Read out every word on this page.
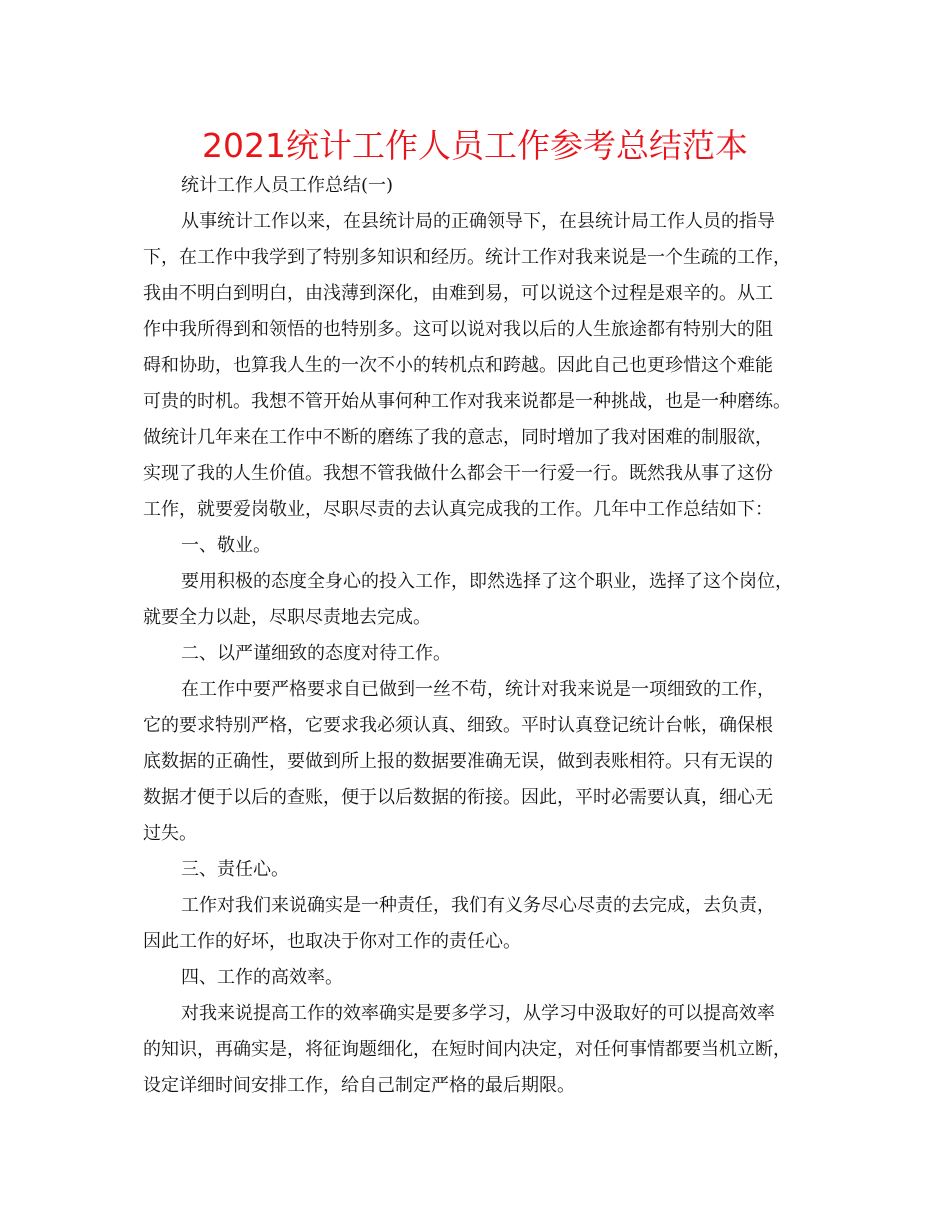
2021统计工作人员工作参考总结范本
统计工作人员工作总结(一)
从事统计工作以来，在县统计局的正确领导下，在县统计局工作人员的指导
下，在工作中我学到了特别多知识和经历。统计工作对我来说是一个生疏的工作，
我由不明白到明白，由浅薄到深化，由难到易，可以说这个过程是艰辛的。从工
作中我所得到和领悟的也特别多。这可以说对我以后的人生旅途都有特别大的阻
碍和协助，也算我人生的一次不小的转机点和跨越。因此自己也更珍惜这个难能
可贵的时机。我想不管开始从事何种工作对我来说都是一种挑战，也是一种磨练。
做统计几年来在工作中不断的磨练了我的意志，同时增加了我对困难的制服欲，
实现了我的人生价值。我想不管我做什么都会干一行爱一行。既然我从事了这份
工作，就要爱岗敬业，尽职尽责的去认真完成我的工作。几年中工作总结如下：
一、敬业。
要用积极的态度全身心的投入工作，即然选择了这个职业，选择了这个岗位，
就要全力以赴，尽职尽责地去完成。
二、以严谨细致的态度对待工作。
在工作中要严格要求自已做到一丝不苟，统计对我来说是一项细致的工作，
它的要求特别严格，它要求我必须认真、细致。平时认真登记统计台帐，确保根
底数据的正确性，要做到所上报的数据要准确无误，做到表账相符。只有无误的
数据才便于以后的查账，便于以后数据的衔接。因此，平时必需要认真，细心无
过失。
三、责任心。
工作对我们来说确实是一种责任，我们有义务尽心尽责的去完成，去负责，
因此工作的好坏，也取决于你对工作的责任心。
四、工作的高效率。
对我来说提高工作的效率确实是要多学习，从学习中汲取好的可以提高效率
的知识，再确实是，将征询题细化，在短时间内决定，对任何事情都要当机立断，
设定详细时间安排工作，给自己制定严格的最后期限。
